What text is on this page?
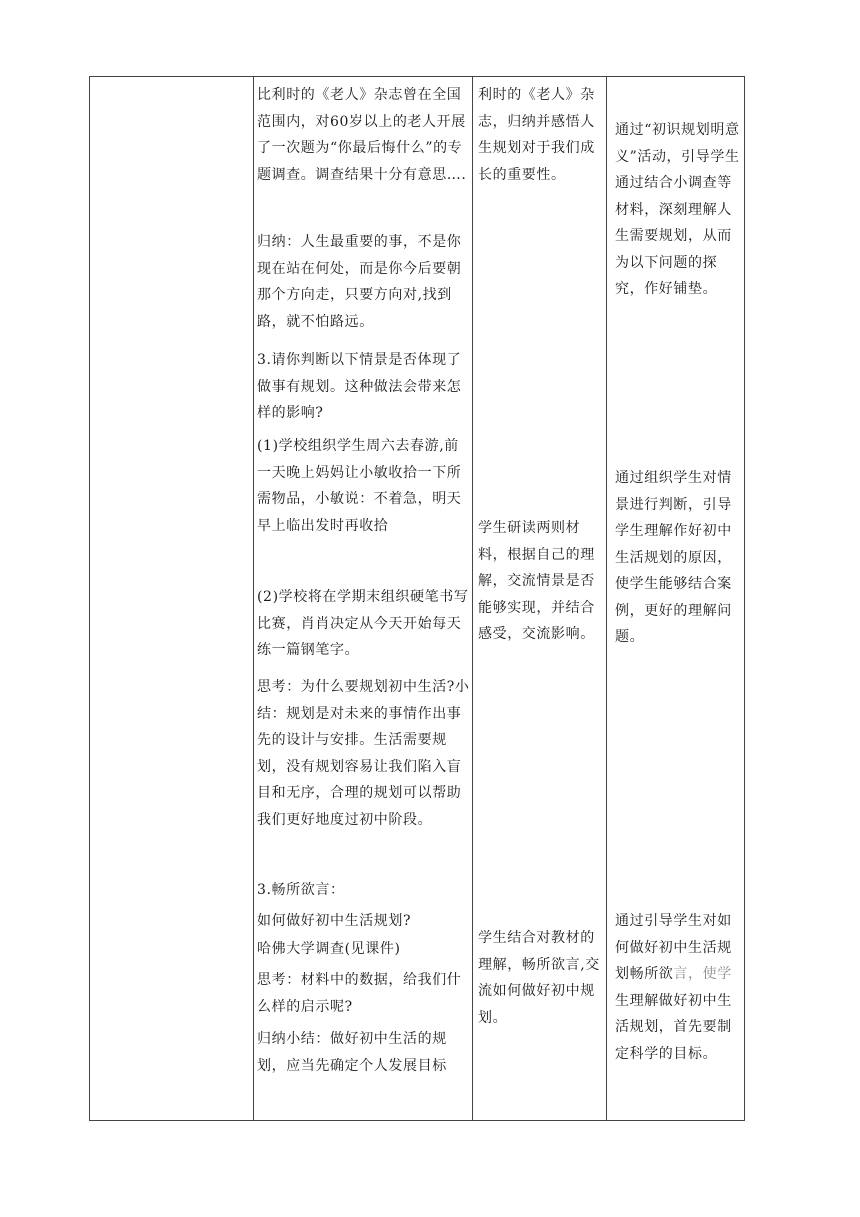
比利时的《老人》杂志曾在全国范围内，对60岁以上的老人开展了一次题为“你最后悔什么”的专题调查。调查结果十分有意思….

归纳：人生最重要的事，不是你现在站在何处，而是你今后要朝那个方向走，只要方向对,找到路，就不怕路远。

3.请你判断以下情景是否体现了做事有规划。这种做法会带来怎样的影响?

(1)学校组织学生周六去春游,前一天晚上妈妈让小敏收拾一下所需物品，小敏说：不着急，明天早上临出发时再收拾

(2)学校将在学期末组织硬笔书写比赛，肖肖决定从今天开始每天练一篇钢笔字。

思考：为什么要规划初中生活?小结：规划是对未来的事情作出事先的设计与安排。生活需要规划，没有规划容易让我们陷入盲目和无序，合理的规划可以帮助我们更好地度过初中阶段。

3.畅所欲言：

如何做好初中生活规划?

哈佛大学调查(见课件)

思考：材料中的数据，给我们什么样的启示呢?

归纳小结：做好初中生活的规划，应当先确定个人发展目标

利时的《老人》杂志，归纳并感悟人生规划对于我们成长的重要性。

学生研读两则材料，根据自己的理解，交流情景是否能够实现，并结合感受，交流影响。

学生结合对教材的理解，畅所欲言,交流如何做好初中规划。

通过“初识规划明意义”活动，引导学生通过结合小调查等材料，深刻理解人生需要规划，从而为以下问题的探究，作好铺垫。

通过组织学生对情景进行判断，引导学生理解作好初中生活规划的原因，使学生能够结合案例，更好的理解问题。

通过引导学生对如何做好初中生活规划畅所欲言，使学生理解做好初中生活规划，首先要制定科学的目标。
